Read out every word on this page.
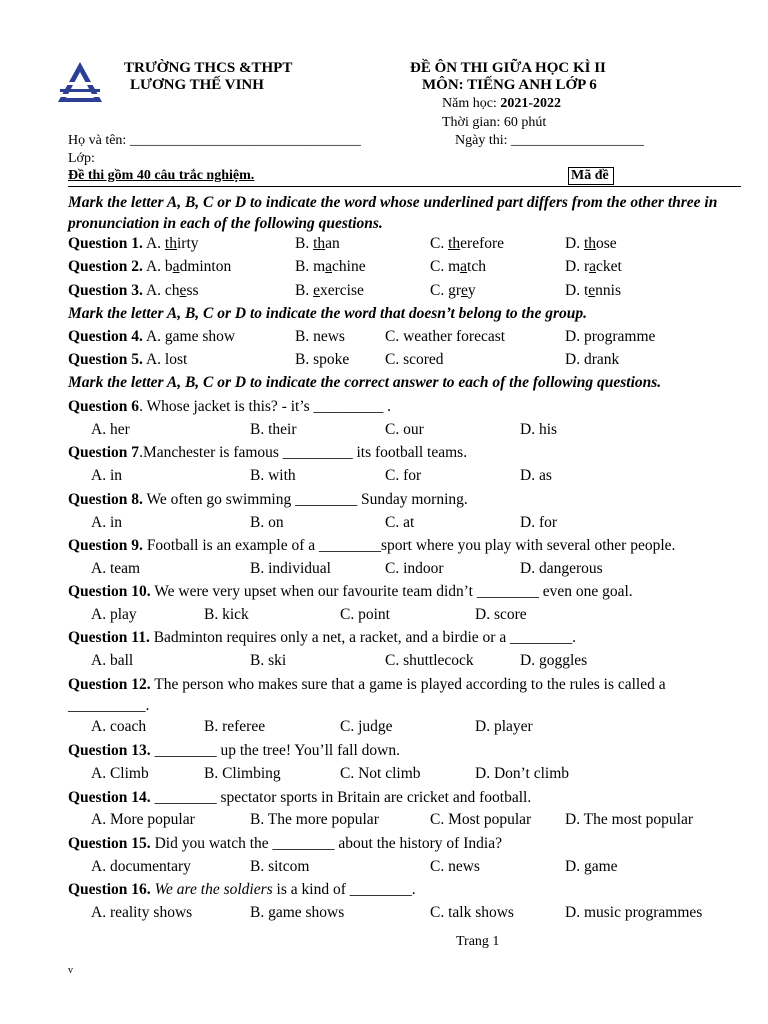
TRƯỜNG THCS &THPT
LƯƠNG THẾ VINH
ĐỀ ÔN THI GIỮA HỌC KÌ II
MÔN: TIẾNG ANH LỚP 6
Năm học: 2021-2022
Thời gian: 60 phút
Họ và tên: _________________________________	Ngày thi: ___________________
Lớp:
Đề thi gồm 40 câu trắc nghiệm.	Mã đề
Mark the letter A, B, C or D to indicate the word whose underlined part differs from the other three in pronunciation in each of the following questions.
Question 1. A. thirty	B. than	C. therefore	D. those
Question 2. A. badminton	B. machine	C. match	D. racket
Question 3. A. chess	B. exercise	C. grey	D. tennis
Mark the letter A, B, C or D to indicate the word that doesn’t belong to the group.
Question 4. A. game show	B. news	C. weather forecast	D. programme
Question 5. A. lost	B. spoke C. scored	D. drank
Mark the letter A, B, C or D to indicate the correct answer to each of the following questions.
Question 6. Whose jacket is this? - it’s _________ .
A. her	B. their	C. our	D. his
Question 7.Manchester is famous _________ its football teams.
A. in	B. with	C. for	D. as
Question 8. We often go swimming ________ Sunday morning.
A. in	B. on	C. at	D. for
Question 9. Football is an example of a ________sport where you play with several other people.
A. team	B. individual	C. indoor	D. dangerous
Question 10. We were very upset when our favourite team didn’t ________ even one goal.
A. play	B. kick	C. point	D. score
Question 11. Badminton requires only a net, a racket, and a birdie or a ________.
A. ball	B. ski	C. shuttlecock	D. goggles
Question 12. The person who makes sure that a game is played according to the rules is called a
__________.
A. coach	B. referee	C. judge	D. player
Question 13. ________ up the tree! You’ll fall down.
A. Climb	B. Climbing	C. Not climb	D. Don’t climb
Question 14. ________ spectator sports in Britain are cricket and football.
A. More popular	B. The more popular	C. Most popular D. The most popular
Question 15. Did you watch the ________ about the history of India?
A. documentary	B. sitcom	C. news	D. game
Question 16. We are the soldiers is a kind of ________.
A. reality shows	B. game shows	C. talk shows	D. music programmes
Trang 1
v
